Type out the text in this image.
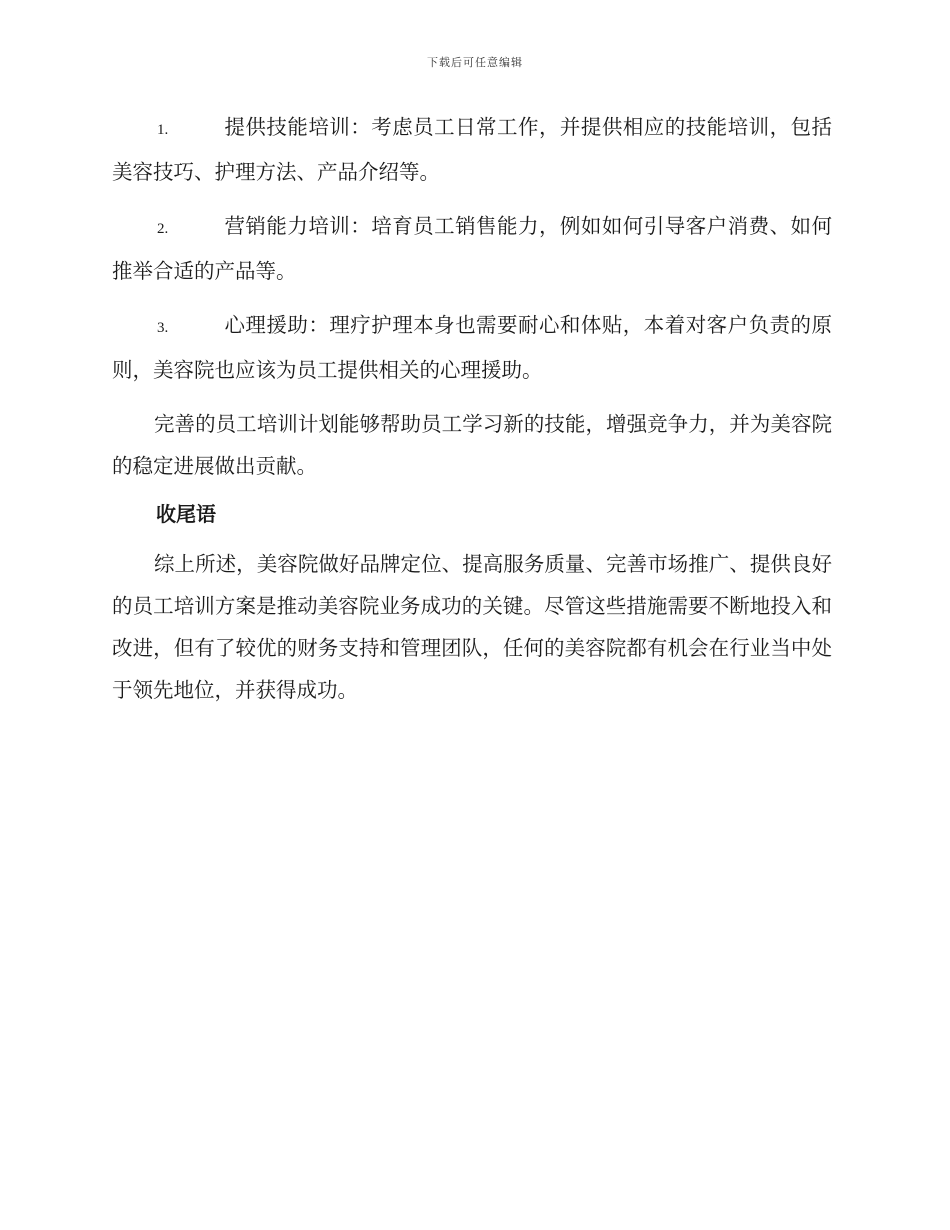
下载后可任意编辑

1.	提供技能培训：考虑员工日常工作，并提供相应的技能培训，包括美容技巧、护理方法、产品介绍等。

2.	营销能力培训：培育员工销售能力，例如如何引导客户消费、如何推举合适的产品等。

3.	心理援助：理疗护理本身也需要耐心和体贴，本着对客户负责的原则，美容院也应该为员工提供相关的心理援助。

完善的员工培训计划能够帮助员工学习新的技能，增强竞争力，并为美容院的稳定进展做出贡献。

收尾语

综上所述，美容院做好品牌定位、提高服务质量、完善市场推广、提供良好的员工培训方案是推动美容院业务成功的关键。尽管这些措施需要不断地投入和改进，但有了较优的财务支持和管理团队，任何的美容院都有机会在行业当中处于领先地位，并获得成功。
